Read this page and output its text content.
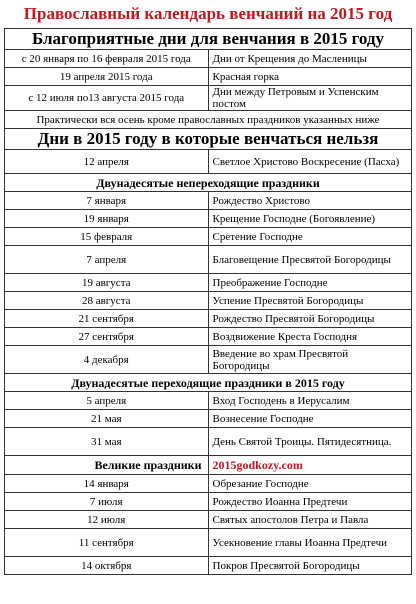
Православный календарь венчаний на 2015 год
Благоприятные дни для венчания в 2015 году	
с 20 января по 16 февраля 2015 года	Дни от Крещения до Масленицы
19 апреля 2015 года	Красная горка
с 12 июля по13 августа 2015 года	Дни между Петровым и Успенским постом
Практически вся осень кроме православных праздников указанных ниже	
Дни в 2015 году в которые венчаться нельзя	
12 апреля	Светлое Христово Воскресение (Пасха)
Двунадесятые непереходящие праздники	
7 января	Рождество Христово
19 января	Крещение Господне (Богоявление)
15 февраля	Сретение Господне
7 апреля	Благовещение Пресвятой Богородицы
19 августа	Преображение Господне
28 августа	Успение Пресвятой Богородицы
21 сентября	Рождество Пресвятой Богородицы
27 сентября	Воздвижение Креста Господня
4 декабря	Введение во храм Пресвятой Богородицы
Двунадесятые переходящие праздники в 2015 году	
5 апреля	Вход Господень в Иерусалим
21 мая	Вознесение Господне
31 мая	День Святой Троицы. Пятидесятница.
Великие праздники	2015godkozy.com
14 января	Обрезание Господне
7 июля	Рождество Иоанна Предтечи
12 июля	Святых апостолов Петра и Павла
11 сентября	Усекновение главы Иоанна Предтечи
14 октября	Покров Пресвятой Богородицы
